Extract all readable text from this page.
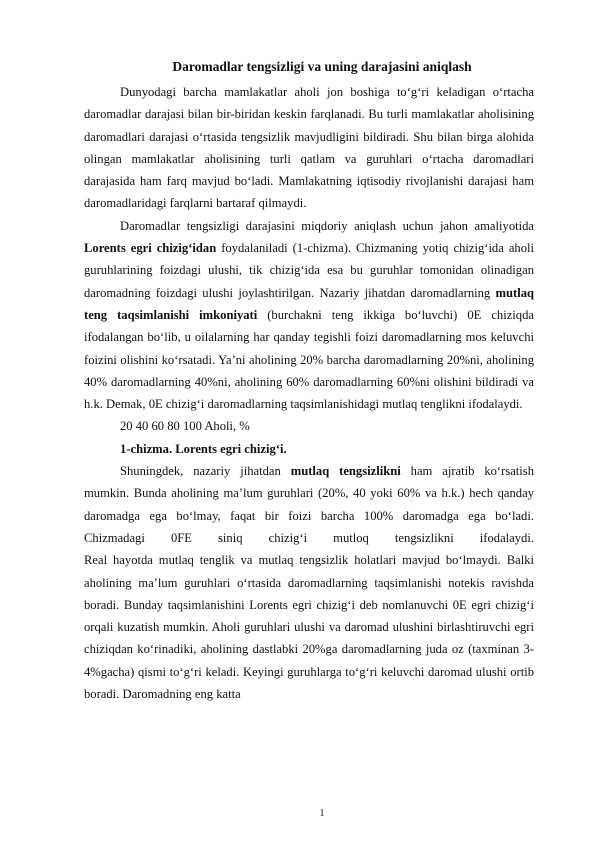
Daromadlar tengsizligi va uning darajasini aniqlash

Dunyodagi barcha mamlakatlar aholi jon boshiga to‘g‘ri keladigan o‘rtacha daromadlar darajasi bilan bir-biridan keskin farqlanadi. Bu turli mamlakatlar aholisining daromadlari darajasi o‘rtasida tengsizlik mavjudligini bildiradi. Shu bilan birga alohida olingan mamlakatlar aholisining turli qatlam va guruhlari o‘rtacha daromadlari darajasida ham farq mavjud bo‘ladi. Mamlakatning iqtisodiy rivojlanishi darajasi ham daromadlaridagi farqlarni bartaraf qilmaydi.

Daromadlar tengsizligi darajasini miqdoriy aniqlash uchun jahon amaliyotida Lorents egri chizig‘idan foydalaniladi (1-chizma). Chizmaning yotiq chizig‘ida aholi guruhlarining foizdagi ulushi, tik chizig‘ida esa bu guruhlar tomonidan olinadigan daromadning foizdagi ulushi joylashtirilgan. Nazariy jihatdan daromadlarning mutlaq teng taqsimlanishi imkoniyati (burchakni teng ikkiga bo‘luvchi) 0E chiziqda ifodalangan bo‘lib, u oilalarning har qanday tegishli foizi daromadlarning mos keluvchi foizini olishini ko‘rsatadi. Ya’ni aholining 20% barcha daromadlarning 20%ni, aholining 40% daromadlarning 40%ni, aholining 60% daromadlarning 60%ni olishini bildiradi va h.k. Demak, 0E chizig‘i daromadlarning taqsimlanishidagi mutlaq tenglikni ifodalaydi.

20 40 60 80 100 Aholi, %

1-chizma. Lorents egri chizig‘i.

Shuningdek, nazariy jihatdan mutlaq tengsizlikni ham ajratib ko‘rsatish mumkin. Bunda aholining ma’lum guruhlari (20%, 40 yoki 60% va h.k.) hech qanday daromadga ega bo‘lmay, faqat bir foizi barcha 100% daromadga ega bo‘ladi. Chizmadagi 0FE siniq chizig‘i mutloq tengsizlikni ifodalaydi.

Real hayotda mutlaq tenglik va mutlaq tengsizlik holatlari mavjud bo‘lmaydi. Balki aholining ma’lum guruhlari o‘rtasida daromadlarning taqsimlanishi notekis ravishda boradi. Bunday taqsimlanishini Lorents egri chizig‘i deb nomlanuvchi 0E egri chizig‘i orqali kuzatish mumkin. Aholi guruhlari ulushi va daromad ulushini birlashtiruvchi egri chiziqdan ko‘rinadiki, aholining dastlabki 20%ga daromadlarning juda oz (taxminan 3-4%gacha) qismi to‘g‘ri keladi. Keyingi guruhlarga to‘g‘ri keluvchi daromad ulushi ortib boradi. Daromadning eng katta

1
